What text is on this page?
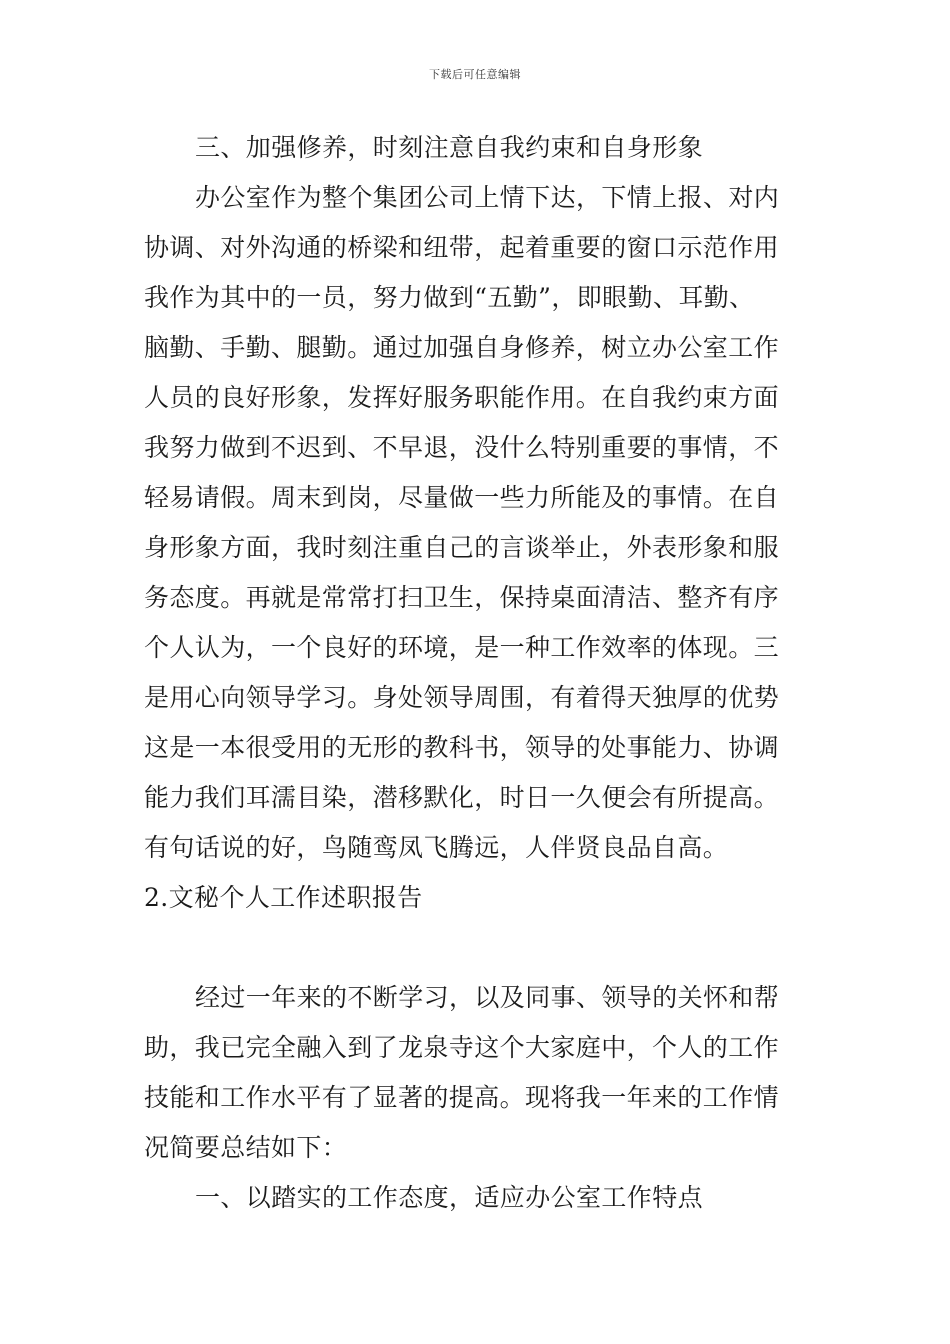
下载后可任意编辑
三、加强修养，时刻注意自我约束和自身形象
办公室作为整个集团公司上情下达，下情上报、对内
协调、对外沟通的桥梁和纽带，起着重要的窗口示范作用
我作为其中的一员，努力做到“五勤”，即眼勤、耳勤、
脑勤、手勤、腿勤。通过加强自身修养，树立办公室工作
人员的良好形象，发挥好服务职能作用。在自我约束方面
我努力做到不迟到、不早退，没什么特别重要的事情，不
轻易请假。周末到岗，尽量做一些力所能及的事情。在自
身形象方面，我时刻注重自己的言谈举止，外表形象和服
务态度。再就是常常打扫卫生，保持桌面清洁、整齐有序
个人认为，一个良好的环境，是一种工作效率的体现。三
是用心向领导学习。身处领导周围，有着得天独厚的优势
这是一本很受用的无形的教科书，领导的处事能力、协调
能力我们耳濡目染，潜移默化，时日一久便会有所提高。
有句话说的好，鸟随鸾凤飞腾远，人伴贤良品自高。
2.文秘个人工作述职报告
经过一年来的不断学习，以及同事、领导的关怀和帮
助，我已完全融入到了龙泉寺这个大家庭中，个人的工作
技能和工作水平有了显著的提高。现将我一年来的工作情
况简要总结如下：
一、以踏实的工作态度，适应办公室工作特点
